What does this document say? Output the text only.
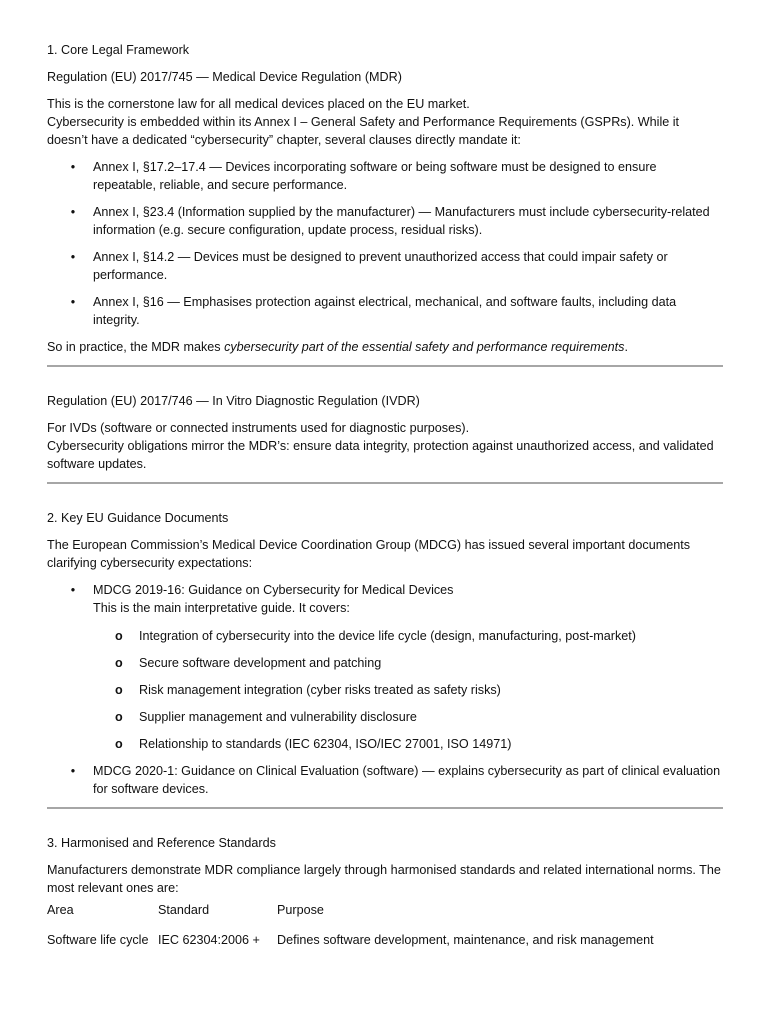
1. Core Legal Framework

Regulation (EU) 2017/745 — Medical Device Regulation (MDR)

This is the cornerstone law for all medical devices placed on the EU market.

Cybersecurity is embedded within its Annex I – General Safety and Performance Requirements (GSPRs). While it doesn’t have a dedicated “cybersecurity” chapter, several clauses directly mandate it:

• Annex I, §17.2–17.4 — Devices incorporating software or being software must be designed to ensure repeatable, reliable, and secure performance.
• Annex I, §23.4 (Information supplied by the manufacturer) — Manufacturers must include cybersecurity-related information (e.g. secure configuration, update process, residual risks).
• Annex I, §14.2 — Devices must be designed to prevent unauthorized access that could impair safety or performance.
• Annex I, §16 — Emphasises protection against electrical, mechanical, and software faults, including data integrity.

So in practice, the MDR makes cybersecurity part of the essential safety and performance requirements.

Regulation (EU) 2017/746 — In Vitro Diagnostic Regulation (IVDR)

For IVDs (software or connected instruments used for diagnostic purposes).

Cybersecurity obligations mirror the MDR’s: ensure data integrity, protection against unauthorized access, and validated software updates.

2. Key EU Guidance Documents

The European Commission’s Medical Device Coordination Group (MDCG) has issued several important documents clarifying cybersecurity expectations:

• MDCG 2019-16: Guidance on Cybersecurity for Medical Devices

This is the main interpretative guide. It covers:

o Integration of cybersecurity into the device life cycle (design, manufacturing, post-market)
o Secure software development and patching
o Risk management integration (cyber risks treated as safety risks)
o Supplier management and vulnerability disclosure
o Relationship to standards (IEC 62304, ISO/IEC 27001, ISO 14971)
• MDCG 2020-1: Guidance on Clinical Evaluation (software) — explains cybersecurity as part of clinical evaluation for software devices.

3. Harmonised and Reference Standards

Manufacturers demonstrate MDR compliance largely through harmonised standards and related international norms. The most relevant ones are:

Area	Standard	Purpose
Software life cycle	IEC 62304:2006 +	Defines software development, maintenance, and risk management
